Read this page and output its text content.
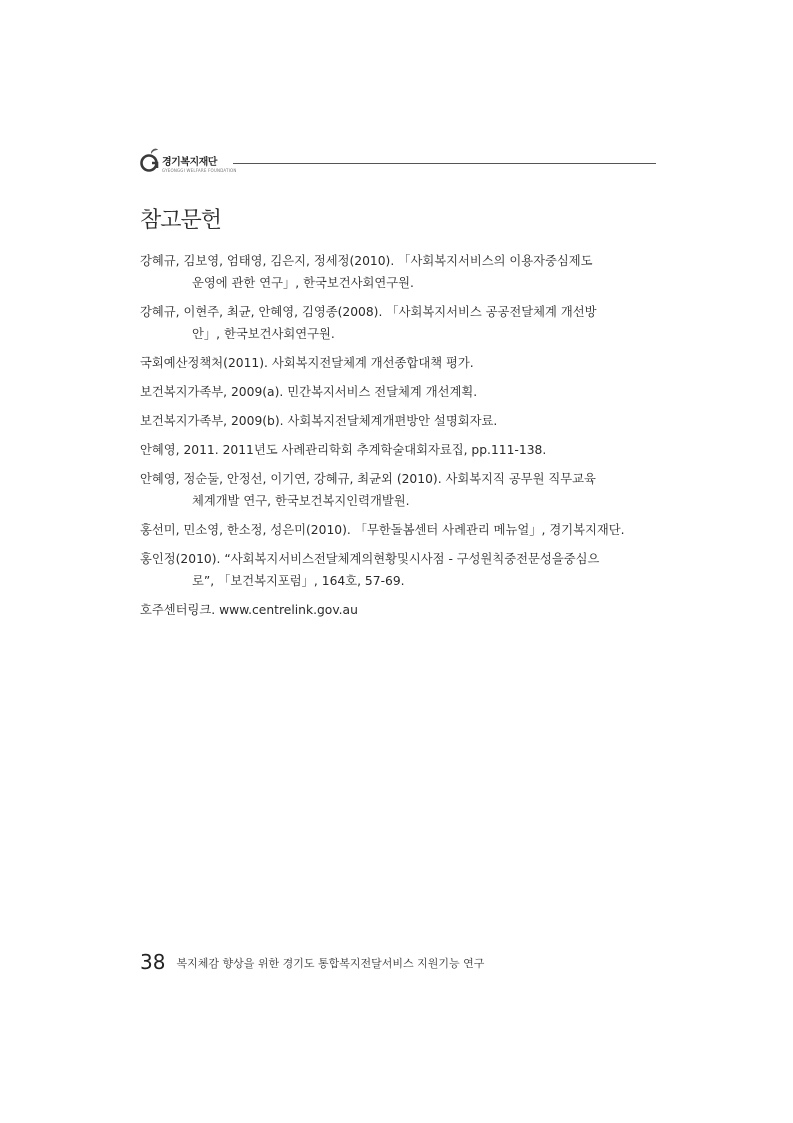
경기복지재단
GYEONGGI WELFARE FOUNDATION
참고문헌
강혜규, 김보영, 엄태영, 김은지, 정세정(2010). 「사회복지서비스의 이용자중심제도
운영에 관한 연구」, 한국보건사회연구원.
강혜규, 이현주, 최균, 안혜영, 김영종(2008). 「사회복지서비스 공공전달체계 개선방
안」, 한국보건사회연구원.
국회예산정책처(2011). 사회복지전달체계 개선종합대책 평가.
보건복지가족부, 2009(a). 민간복지서비스 전달체계 개선계획.
보건복지가족부, 2009(b). 사회복지전달체계개편방안 설명회자료.
안혜영, 2011. 2011년도 사례관리학회 추계학술대회자료집, pp.111-138.
안혜영, 정순둘, 안정선, 이기연, 강혜규, 최균외 (2010). 사회복지직 공무원 직무교육
체계개발 연구, 한국보건복지인력개발원.
홍선미, 민소영, 한소정, 성은미(2010). 「무한돌봄센터 사례관리 메뉴얼」, 경기복지재단.
홍인정(2010). “사회복지서비스전달체계의현황및시사점 - 구성원칙중전문성을중심으
로”, 「보건복지포럼」, 164호, 57-69.
호주센터링크. www.centrelink.gov.au
38 복지체감 향상을 위한 경기도 통합복지전달서비스 지원기능 연구
